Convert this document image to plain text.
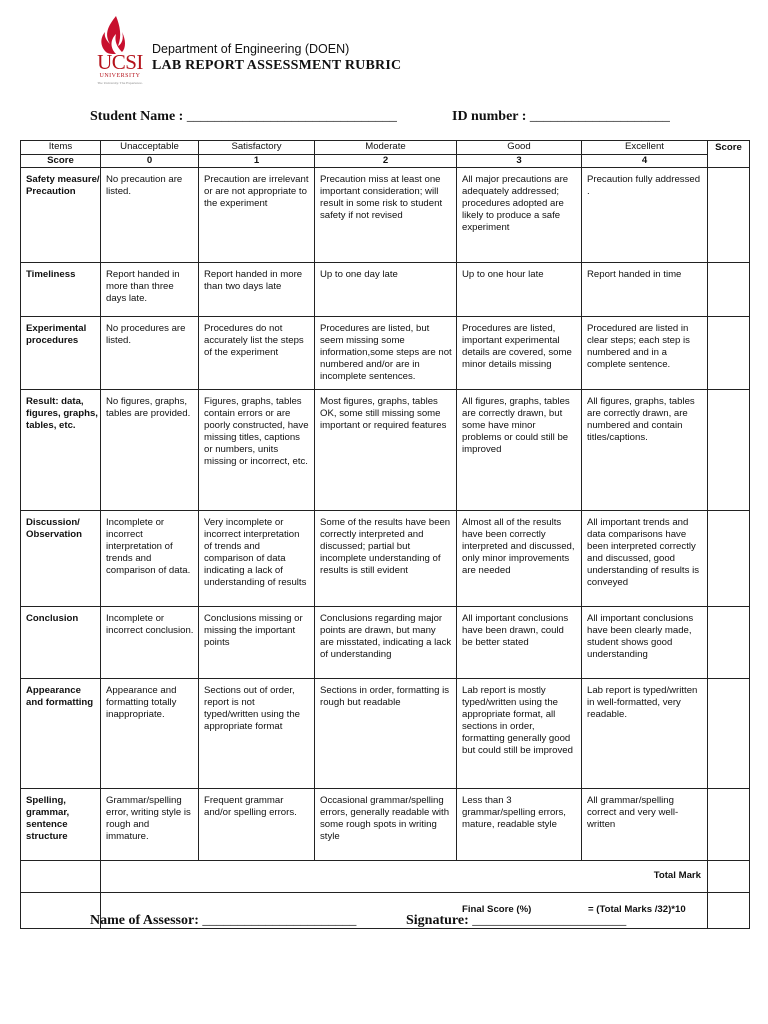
UCSI
UNIVERSITY
The University. The Experience.
Department of Engineering (DOEN)
LAB REPORT ASSESSMENT RUBRIC
Student Name : ______________________________	ID number : ____________________
Items	Unacceptable	Satisfactory	Moderate	Good	Excellent	Score
Score	0	1	2	3	4	
Safety measure/ Precaution	No precaution are listed.	Precaution are irrelevant or are not appropriate to the experiment	Precaution miss at least one important consideration; will result in some risk to student safety if not revised	All major precautions are adequately addressed; procedures adopted are likely to produce a safe experiment	Precaution fully addressed .	
Timeliness	Report handed in more than three days late.	Report handed in more than two days late	Up to one day late	Up to one hour late	Report handed in time	
Experimental procedures	No procedures are listed.	Procedures do not accurately list the steps of the experiment	Procedures are listed, but seem missing some information,some steps are not numbered and/or are in incomplete sentences.	Procedures are listed, important experimental details are covered, some minor details missing	Procedured are listed in clear steps; each step is numbered and in a complete sentence.	
Result: data, figures, graphs, tables, etc.	No figures, graphs, tables are provided.	Figures, graphs, tables contain errors or are poorly constructed, have missing titles, captions or numbers, units missing or incorrect, etc.	Most figures, graphs, tables OK, some still missing some important or required features	All figures, graphs, tables are correctly drawn, but some have minor problems or could still be improved	All figures, graphs, tables are correctly drawn, are numbered and contain titles/captions.	
Discussion/ Observation	Incomplete or incorrect interpretation of trends and comparison of data.	Very incomplete or incorrect interpretation of trends and comparison of data indicating a lack of understanding of results	Some of the results have been correctly interpreted and discussed; partial but incomplete understanding of results is still evident	Almost all of the results have been correctly interpreted and discussed, only minor improvements are needed	All important trends and data comparisons have been interpreted correctly and discussed, good understanding of results is conveyed	
Conclusion	Incomplete or incorrect conclusion.	Conclusions missing or missing the important points	Conclusions regarding major points are drawn, but many are misstated, indicating a lack of understanding	All important conclusions have been drawn, could be better stated	All important conclusions have been clearly made, student shows good understanding	
Appearance and formatting	Appearance and formatting totally inappropriate.	Sections out of order, report is not typed/written using the appropriate format	Sections in order, formatting is rough but readable	Lab report is mostly typed/written using the appropriate format, all sections in order, formatting generally good but could still be improved	Lab report is typed/written in well-formatted, very readable.	
Spelling, grammar, sentence structure	Grammar/spelling error, writing style is rough and immature.	Frequent grammar and/or spelling errors.	Occasional grammar/spelling errors, generally readable with some rough spots in writing style	Less than 3 grammar/spelling errors, mature, readable style	All grammar/spelling correct and very well-written	
	Total Mark					

	Final Score (%) = (Total Marks /32)*10					

Name of Assessor: ______________________	Signature: ______________________
